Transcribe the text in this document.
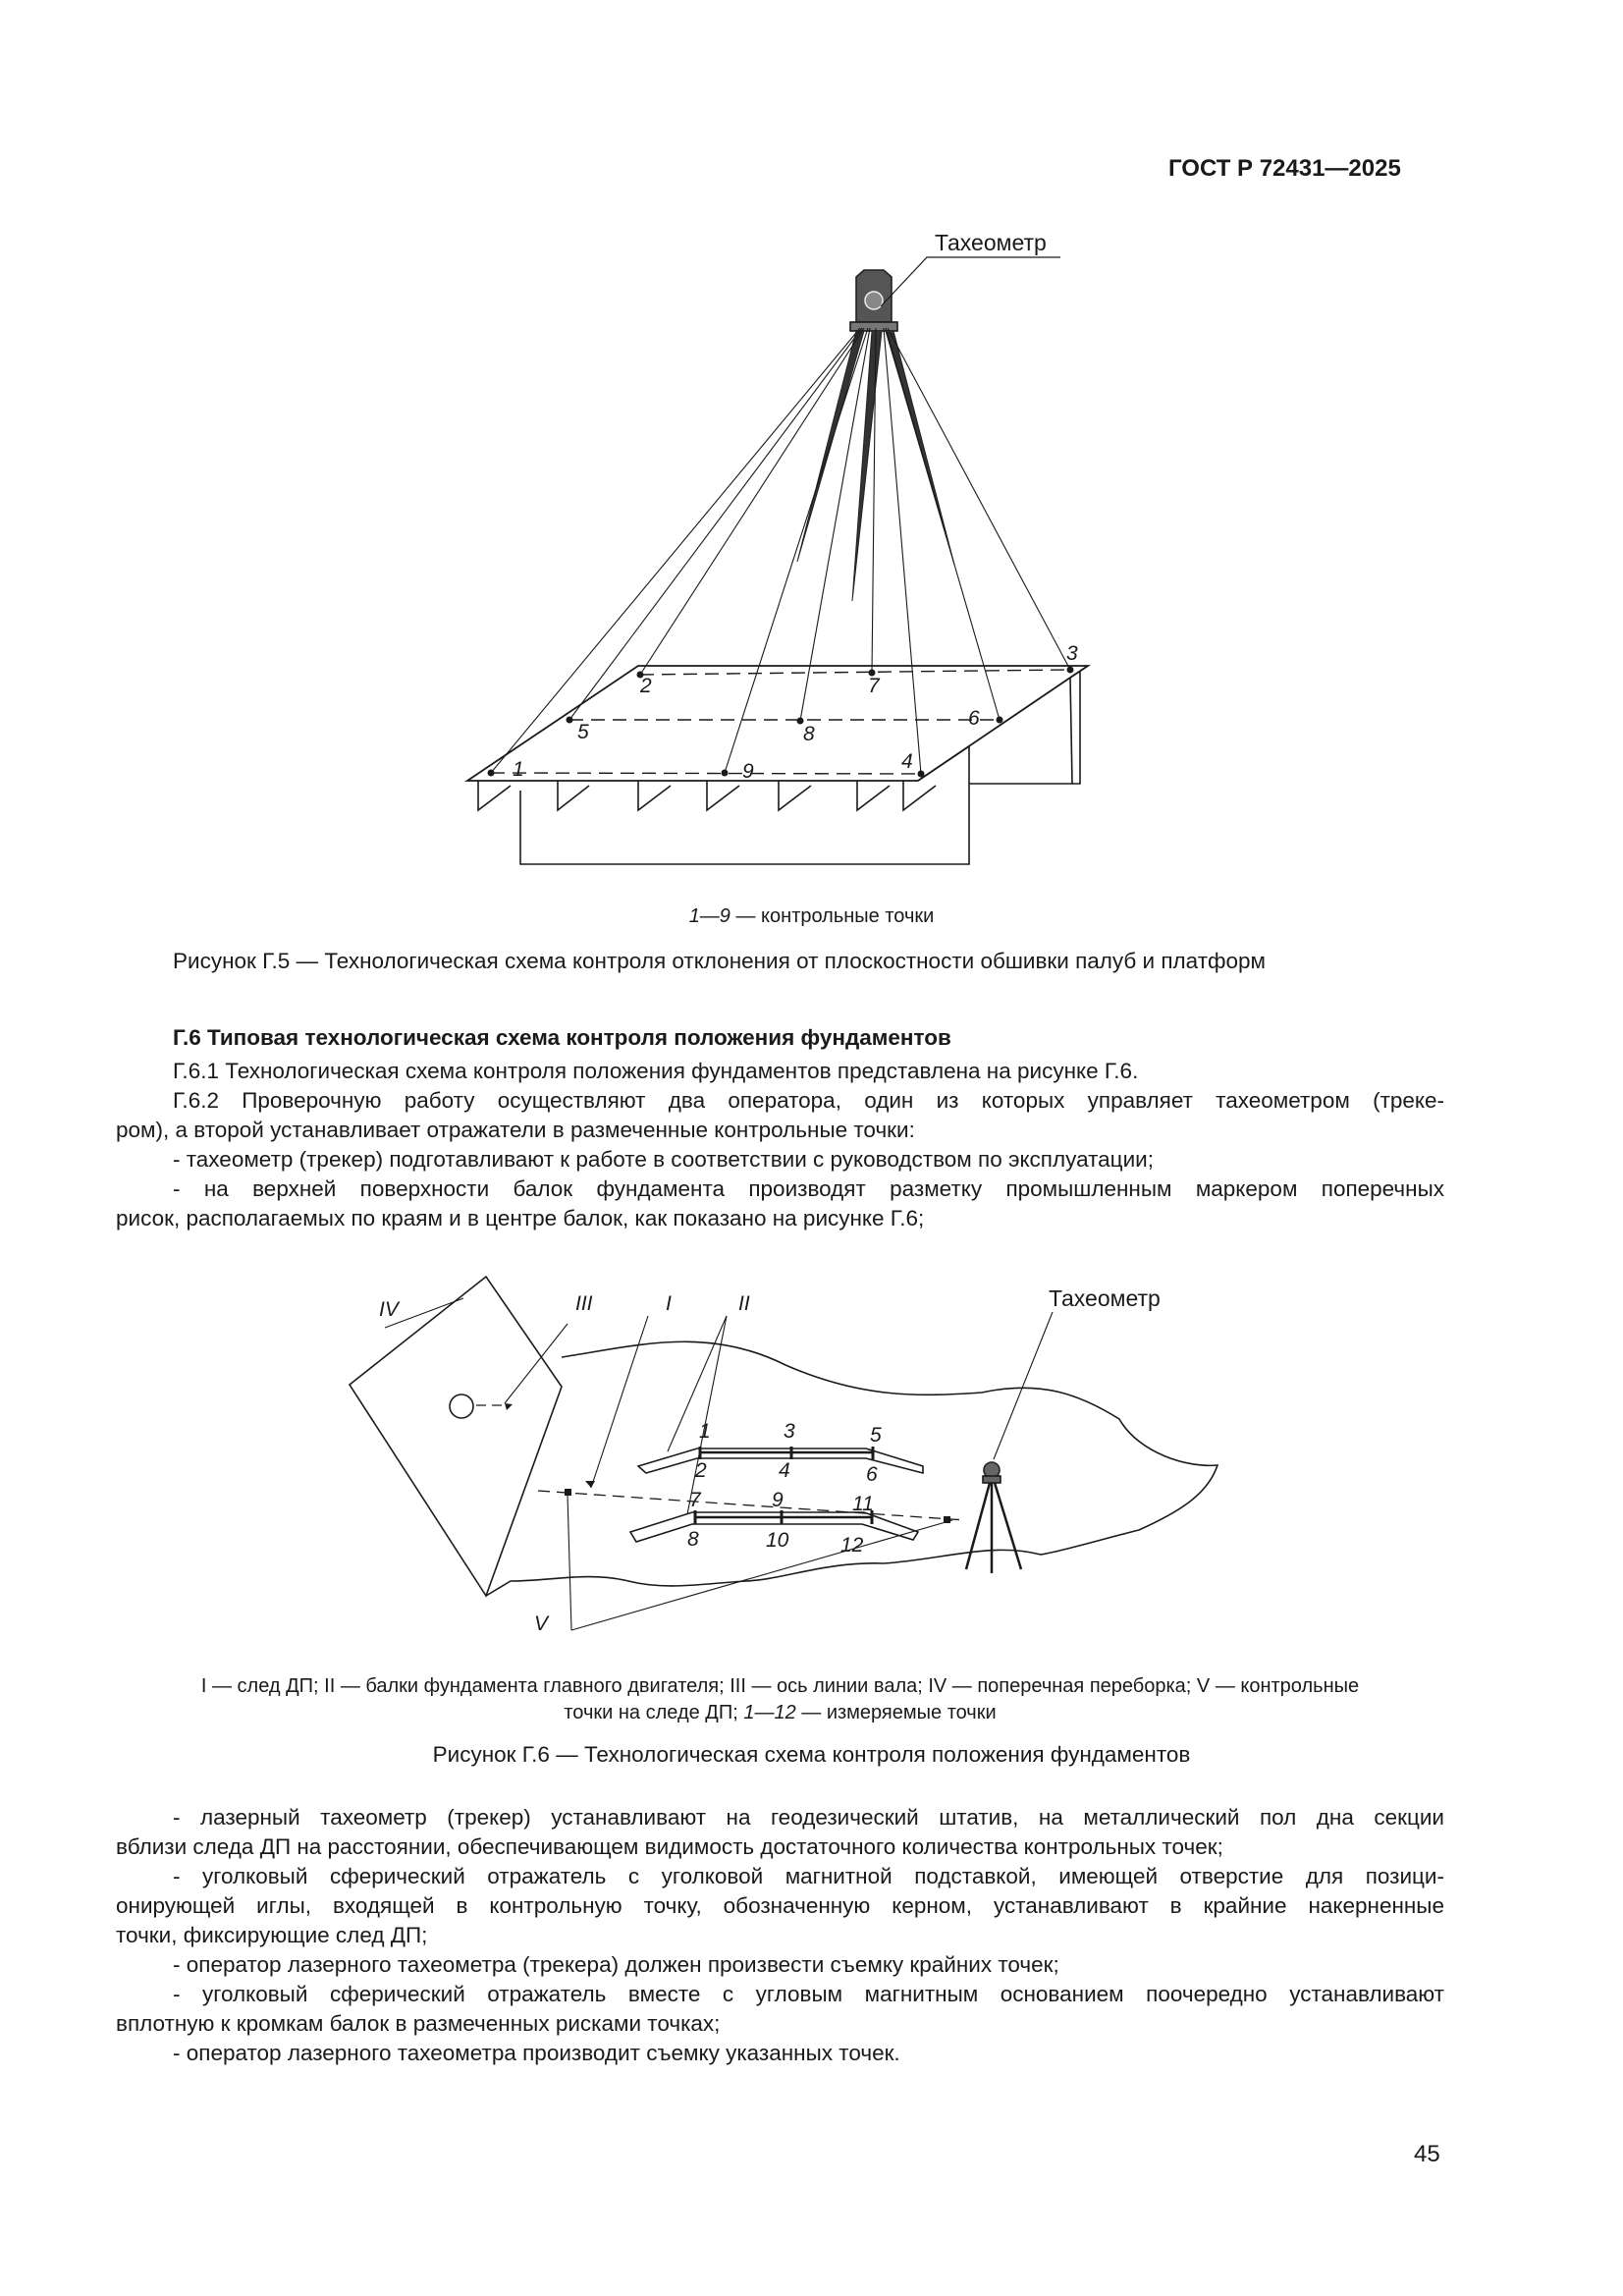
ГОСТ Р 72431—2025
Тахеометр
1
2
3
4
5
6
7
8
9
1—9 — контрольные точки
Рисунок Г.5 — Технологическая схема контроля отклонения от плоскостности обшивки палуб и платформ
Г.6 Типовая технологическая схема контроля положения фундаментов
Г.6.1 Технологическая схема контроля положения фундаментов представлена на рисунке Г.6.
Г.6.2 Проверочную работу осуществляют два оператора, один из которых управляет тахеометром (треке-
ром), а второй устанавливает отражатели в размеченные контрольные точки:
- тахеометр (трекер) подготавливают к работе в соответствии с руководством по эксплуатации;
- на верхней поверхности балок фундамента производят разметку промышленным маркером поперечных
рисок, располагаемых по краям и в центре балок, как показано на рисунке Г.6;
Тахеометр
I	II
III
IV
V
1
2
3
4
5
6
7
8
9
10
11
12
I — след ДП; II — балки фундамента главного двигателя; III — ось линии вала; IV — поперечная переборка; V — контрольные
точки на следе ДП; 1—12 — измеряемые точки
Рисунок Г.6 — Технологическая схема контроля положения фундаментов
- лазерный тахеометр (трекер) устанавливают на геодезический штатив, на металлический пол дна секции
вблизи следа ДП на расстоянии, обеспечивающем видимость достаточного количества контрольных точек;
- уголковый сферический отражатель с уголковой магнитной подставкой, имеющей отверстие для позици-
онирующей иглы, входящей в контрольную точку, обозначенную керном, устанавливают в крайние накерненные
точки, фиксирующие след ДП;
- оператор лазерного тахеометра (трекера) должен произвести съемку крайних точек;
- уголковый сферический отражатель вместе с угловым магнитным основанием поочередно устанавливают
вплотную к кромкам балок в размеченных рисками точках;
- оператор лазерного тахеометра производит съемку указанных точек.
45
